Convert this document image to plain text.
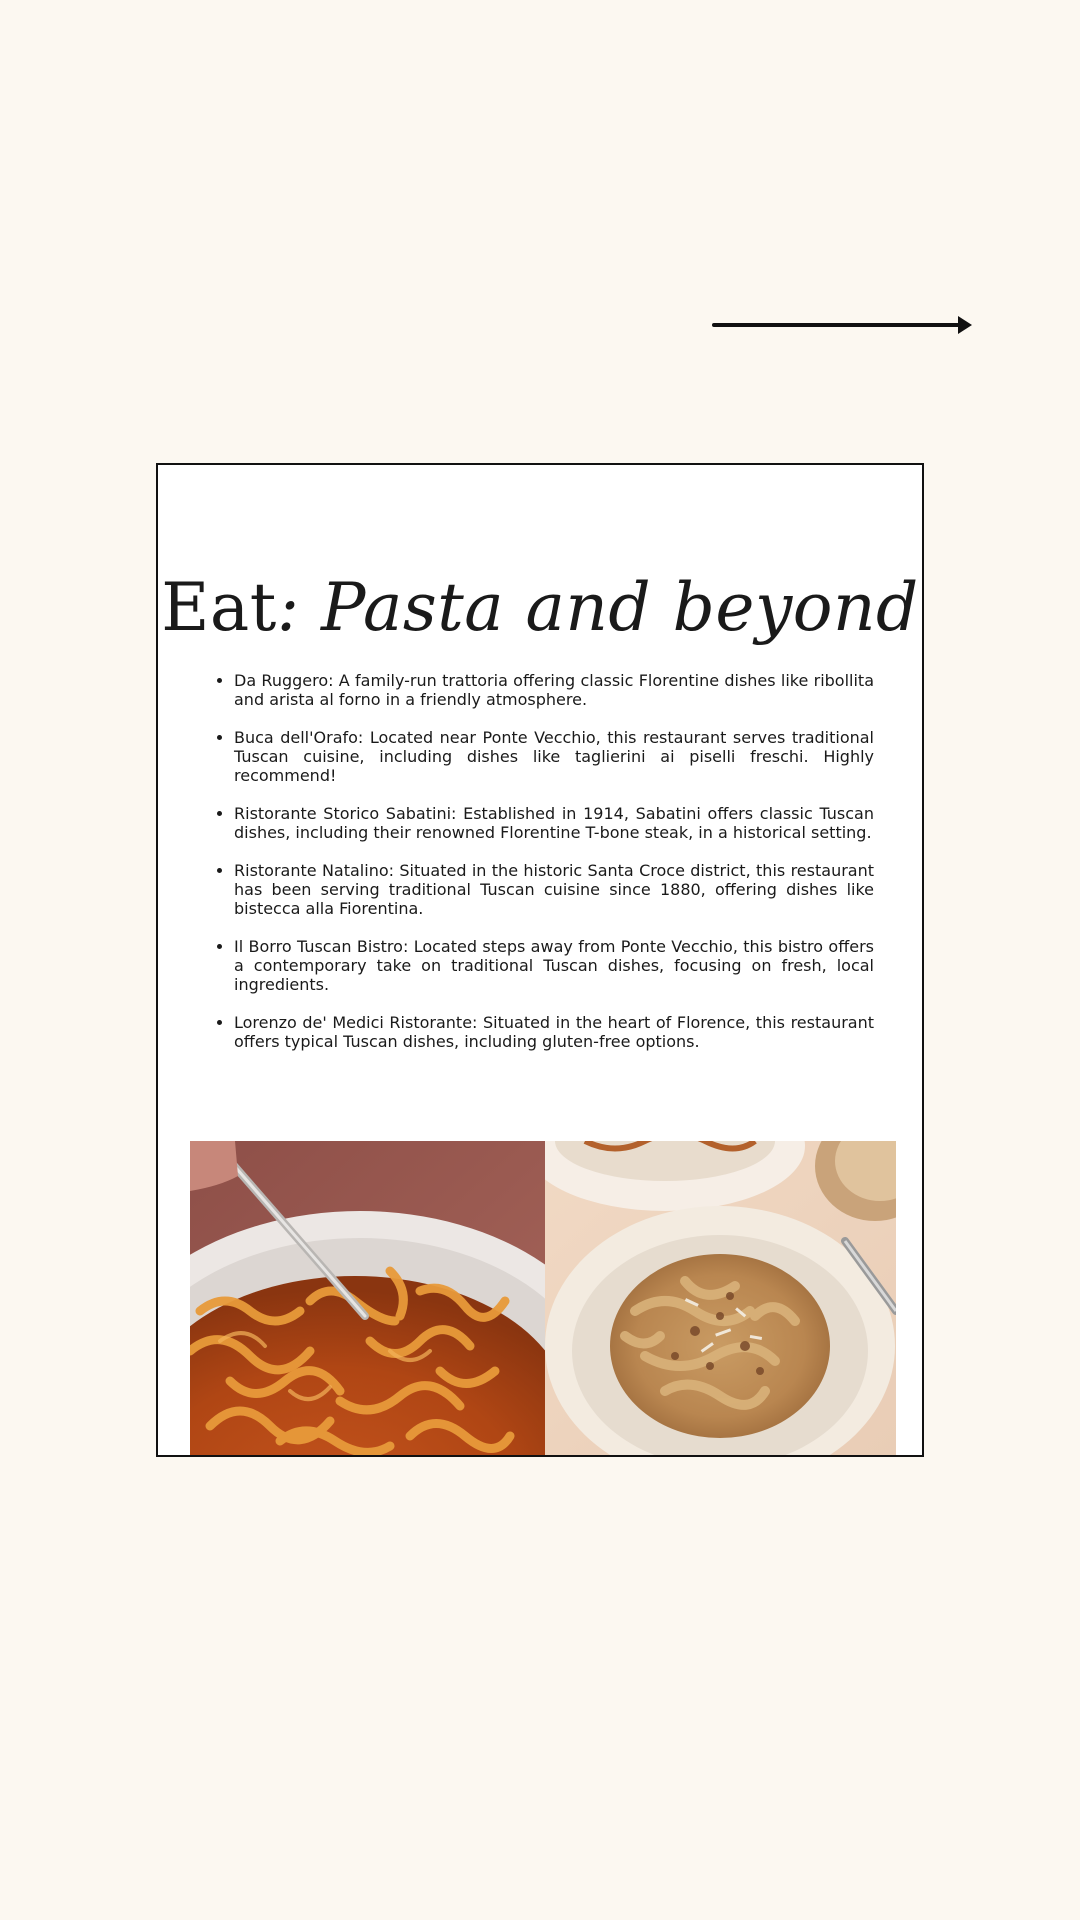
Eat: Pasta and beyond
• Da Ruggero: A family-run trattoria offering classic Florentine dishes like ribollita and arista al forno in a friendly atmosphere.
• Buca dell'Orafo: Located near Ponte Vecchio, this restaurant serves traditional Tuscan cuisine, including dishes like taglierini ai piselli freschi. Highly recommend!
• Ristorante Storico Sabatini: Established in 1914, Sabatini offers classic Tuscan dishes, including their renowned Florentine T-bone steak, in a historical setting.
• Ristorante Natalino: Situated in the historic Santa Croce district, this restaurant has been serving traditional Tuscan cuisine since 1880, offering dishes like bistecca alla Fiorentina.
• Il Borro Tuscan Bistro: Located steps away from Ponte Vecchio, this bistro offers a contemporary take on traditional Tuscan dishes, focusing on fresh, local ingredients.
• Lorenzo de' Medici Ristorante: Situated in the heart of Florence, this restaurant offers typical Tuscan dishes, including gluten-free options.
